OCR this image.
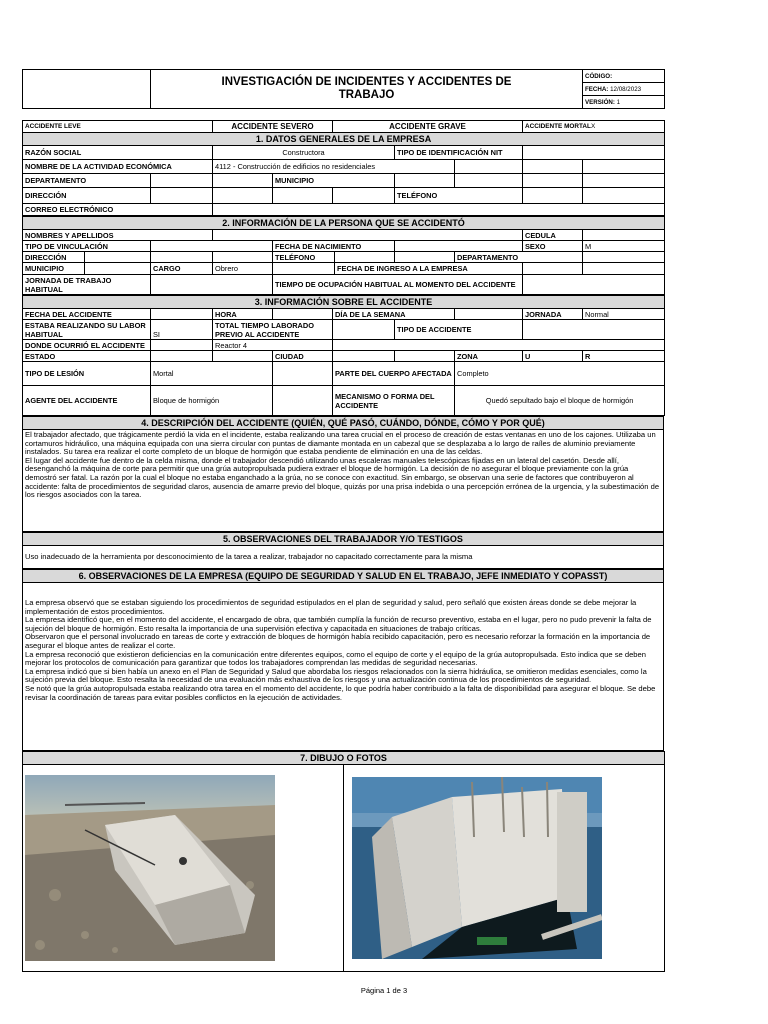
INVESTIGACIÓN DE INCIDENTES Y ACCIDENTES DE
TRABAJO
	CÓDIGO:
FECHA: 12/08/2023
VERSIÓN: 1
ACCIDENTE LEVE		ACCIDENTE SEVERO		ACCIDENTE GRAVE			ACCIDENTE MORTALX	
1. DATOS GENERALES DE LA EMPRESA								
RAZÓN SOCIAL		Constructora			TIPO DE IDENTIFICACIÓN NIT			
NOMBRE DE LA ACTIVIDAD ECONÓMICA		4112 - Construcción de edificios no residenciales						
DEPARTAMENTO			MUNICIPIO					
DIRECCIÓN					TELÉFONO			
CORREO ELECTRÓNICO								
2. INFORMACIÓN DE LA PERSONA QUE SE ACCIDENTÓ									
NOMBRES Y APELLIDOS								CEDULA	
TIPO DE VINCULACIÓN				FECHA DE NACIMIENTO				SEXO	M
DIRECCIÓN				TELÉFONO			DEPARTAMENTO		
MUNICIPIO		CARGO	Obrero		FECHA DE INGRESO A LA EMPRESA				
JORNADA DE TRABAJO HABITUAL				TIEMPO DE OCUPACIÓN HABITUAL AL MOMENTO DEL ACCIDENTE					
3. INFORMACIÓN SOBRE EL ACCIDENTE								
FECHA DEL ACCIDENTE		HORA		DÍA DE LA SEMANA			JORNADA	Normal
ESTABA REALIZANDO SU LABOR HABITUAL	SI	TOTAL TIEMPO LABORADO PREVIO AL ACCIDENTE			TIPO DE ACCIDENTE			
DONDE OCURRIÓ EL ACCIDENTE		Reactor 4						
ESTADO			CIUDAD			ZONA	U	R
TIPO DE LESIÓN	Mortal			PARTE DEL CUERPO AFECTADA		Completo		
AGENTE DEL ACCIDENTE	Bloque de hormigón			MECANISMO O FORMA DEL ACCIDENTE		Quedó sepultado bajo el bloque de hormigón		
4. DESCRIPCIÓN DEL ACCIDENTE (QUIÉN, QUÉ PASÓ, CUÁNDO, DÓNDE, CÓMO Y POR QUÉ)

El trabajador afectado, que trágicamente perdió la vida en el incidente, estaba realizando una tarea crucial en el proceso de creación de estas ventanas en uno de los cajones. Utilizaba un cortamuros hidráulico, una máquina equipada con una sierra circular con puntas de diamante montada en un cabezal que se desplazaba a lo largo de raíles de aluminio previamente instalados. Su tarea era realizar el corte completo de un bloque de hormigón que estaba pendiente de eliminación en una de las celdas.

El lugar del accidente fue dentro de la celda misma, donde el trabajador descendió utilizando unas escaleras manuales telescópicas fijadas en un lateral del casetón. Desde allí, desenganchó la máquina de corte para permitir que una grúa autopropulsada pudiera extraer el bloque de hormigón. La decisión de no asegurar el bloque previamente con la grúa demostró ser fatal. La razón por la cual el bloque no estaba enganchado a la grúa, no se conoce con exactitud. Sin embargo, se observan una serie de factores que contribuyeron al accidente: falta de procedimientos de seguridad claros, ausencia de amarre previo del bloque, quizás por una prisa indebida o una percepción errónea de la urgencia, y la subestimación de los riesgos asociados con la tarea.

5. OBSERVACIONES DEL TRABAJADOR Y/O TESTIGOS
Uso inadecuado de la herramienta por desconocimiento de la tarea a realizar, trabajador no capacitado correctamente para la misma
6. OBSERVACIONES DE LA EMPRESA (EQUIPO DE SEGURIDAD Y SALUD EN EL TRABAJO, JEFE INMEDIATO Y COPASST)

La empresa observó que se estaban siguiendo los procedimientos de seguridad estipulados en el plan de seguridad y salud, pero señaló que existen áreas donde se debe mejorar la implementación de estos procedimientos.

La empresa identificó que, en el momento del accidente, el encargado de obra, que también cumplía la función de recurso preventivo, estaba en el lugar, pero no pudo prevenir la falta de sujeción del bloque de hormigón. Esto resalta la importancia de una supervisión efectiva y capacitada en situaciones de trabajo críticas.

Observaron que el personal involucrado en tareas de corte y extracción de bloques de hormigón había recibido capacitación, pero es necesario reforzar la formación en la importancia de asegurar el bloque antes de realizar el corte.

La empresa reconoció que existieron deficiencias en la comunicación entre diferentes equipos, como el equipo de corte y el equipo de la grúa autopropulsada. Esto indica que se deben mejorar los protocolos de comunicación para garantizar que todos los trabajadores comprendan las medidas de seguridad necesarias.

La empresa indicó que si bien había un anexo en el Plan de Seguridad y Salud que abordaba los riesgos relacionados con la sierra hidráulica, se omitieron medidas esenciales, como la sujeción previa del bloque. Esto resalta la necesidad de una evaluación más exhaustiva de los riesgos y una actualización continua de los procedimientos de seguridad.

Se notó que la grúa autopropulsada estaba realizando otra tarea en el momento del accidente, lo que podría haber contribuido a la falta de disponibilidad para asegurar el bloque. Se debe revisar la coordinación de tareas para evitar posibles conflictos en la ejecución de actividades.

7. DIBUJO O FOTOS

Página 1 de 3
